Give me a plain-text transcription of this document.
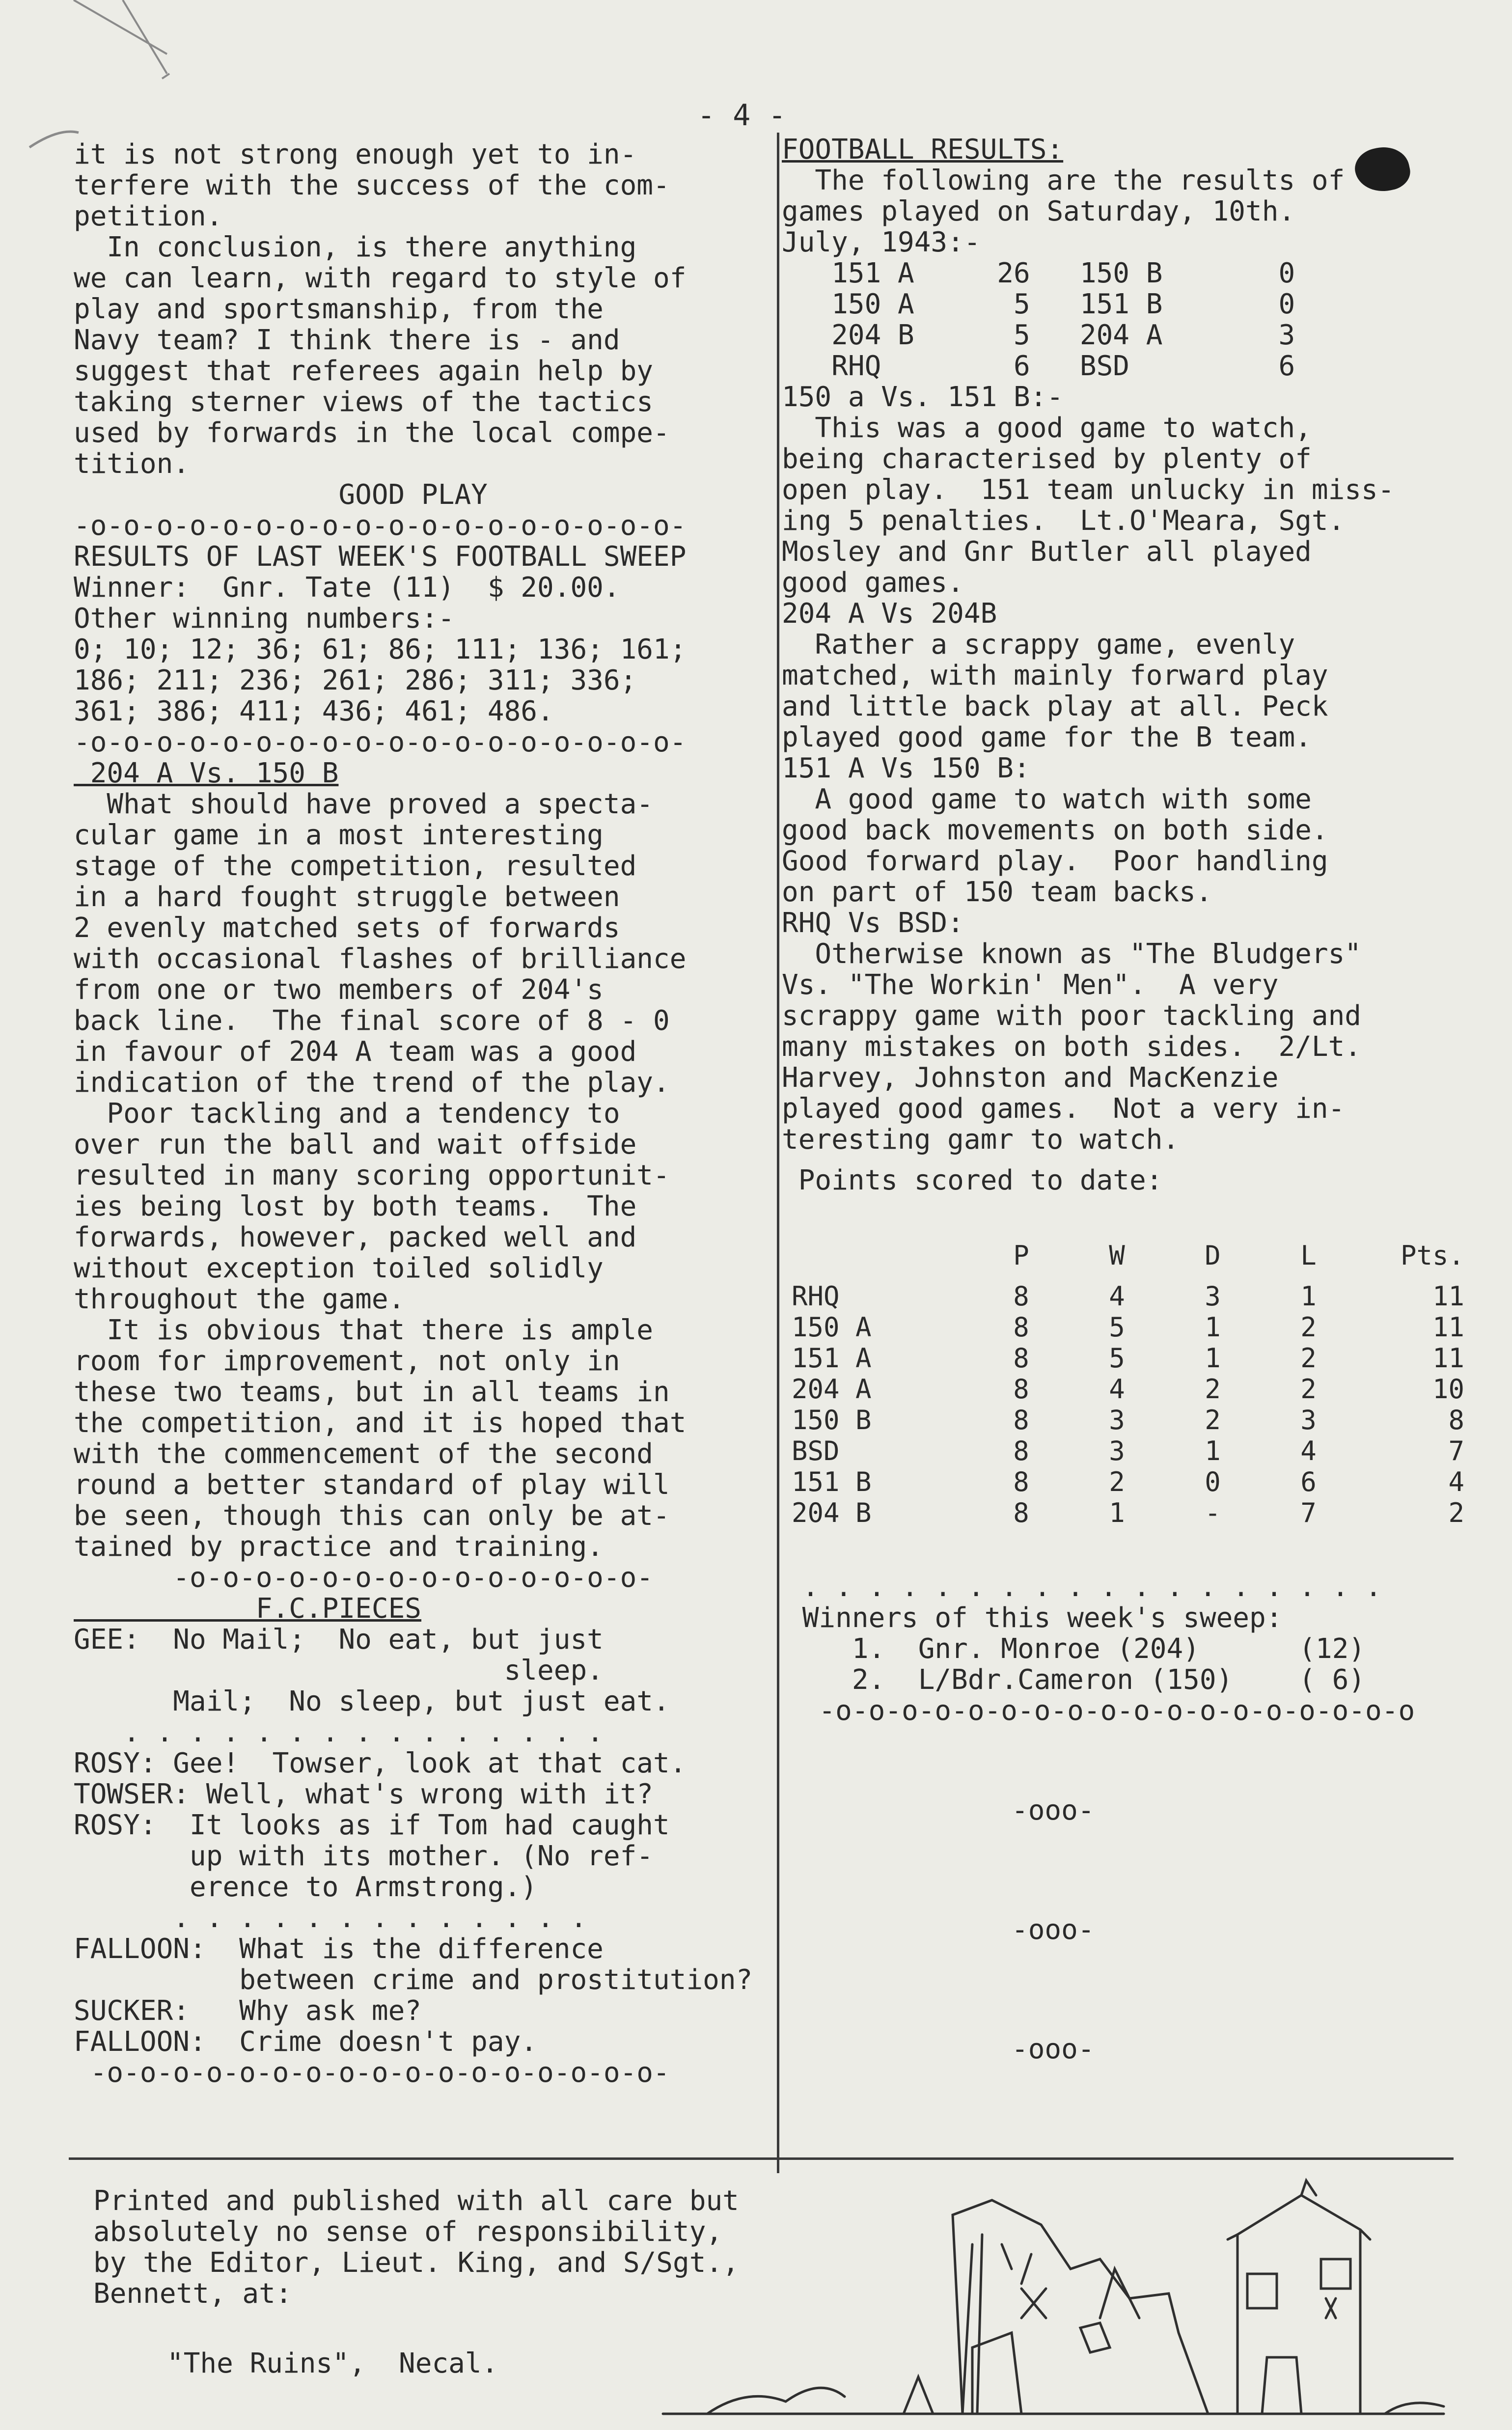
- 4 -
it is not strong enough yet to in-
terfere with the success of the com-
petition.
In conclusion, is there anything
we can learn, with regard to style of
play and sportsmanship, from the
Navy team? I think there is - and
suggest that referees again help by
taking sterner views of the tactics
used by forwards in the local compe-
tition.
GOOD PLAY
-o-o-o-o-o-o-o-o-o-o-o-o-o-o-o-o-o-o-
RESULTS OF LAST WEEK'S FOOTBALL SWEEP
Winner:  Gnr. Tate (11)  $ 20.00.
Other winning numbers:-
0; 10; 12; 36; 61; 86; 111; 136; 161;
186; 211; 236; 261; 286; 311; 336;
361; 386; 411; 436; 461; 486.
-o-o-o-o-o-o-o-o-o-o-o-o-o-o-o-o-o-o-
204 A Vs. 150 B
What should have proved a specta-
cular game in a most interesting
stage of the competition, resulted
in a hard fought struggle between
2 evenly matched sets of forwards
with occasional flashes of brilliance
from one or two members of 204's
back line.  The final score of 8 - 0
in favour of 204 A team was a good
indication of the trend of the play.
Poor tackling and a tendency to
over run the ball and wait offside
resulted in many scoring opportunit-
ies being lost by both teams.  The
forwards, however, packed well and
without exception toiled solidly
throughout the game.
It is obvious that there is ample
room for improvement, not only in
these two teams, but in all teams in
the competition, and it is hoped that
with the commencement of the second
round a better standard of play will
be seen, though this can only be at-
tained by practice and training.
-o-o-o-o-o-o-o-o-o-o-o-o-o-o-
F.C.PIECES
GEE:  No Mail;  No eat, but just
sleep.
Mail;  No sleep, but just eat.
. . . . . . . . . . . . . . .
ROSY: Gee!  Towser, look at that cat.
TOWSER: Well, what's wrong with it?
ROSY:  It looks as if Tom had caught
up with its mother. (No ref-
erence to Armstrong.)
. . . . . . . . . . . . .
FALLOON:  What is the difference
between crime and prostitution?
SUCKER:   Why ask me?
FALLOON:  Crime doesn't pay.
-o-o-o-o-o-o-o-o-o-o-o-o-o-o-o-o-o-
FOOTBALL RESULTS:
The following are the results of
games played on Saturday, 10th.
July, 1943:-
151 A     26   150 B       0
150 A      5   151 B       0
204 B      5   204 A       3
RHQ        6   BSD         6
150 a Vs. 151 B:-
This was a good game to watch,
being characterised by plenty of
open play.  151 team unlucky in miss-
ing 5 penalties.  Lt.O'Meara, Sgt.
Mosley and Gnr Butler all played
good games.
204 A Vs 204B
Rather a scrappy game, evenly
matched, with mainly forward play
and little back play at all. Peck
played good game for the B team.
151 A Vs 150 B:
A good game to watch with some
good back movements on both side.
Good forward play.  Poor handling
on part of 150 team backs.
RHQ Vs BSD:
Otherwise known as "The Bludgers"
Vs. "The Workin' Men".  A very
scrappy game with poor tackling and
many mistakes on both sides.  2/Lt.
Harvey, Johnston and MacKenzie
played good games.  Not a very in-
teresting gamr to watch.
Points scored to date:
	P	W	D	L	Pts.

RHQ	8	4	3	1	11
150 A	8	5	1	2	11
151 A	8	5	1	2	11
204 A	8	4	2	2	10
150 B	8	3	2	3	8
BSD	8	3	1	4	7
151 B	8	2	0	6	4
204 B	8	1	-	7	2
. . . . . . . . . . . . . . . . . .
Winners of this week's sweep:
1.  Gnr. Monroe (204)      (12)
2.  L/Bdr.Cameron (150)    ( 6)
-o-o-o-o-o-o-o-o-o-o-o-o-o-o-o-o-o-o
-ooo-
-ooo-
-ooo-
Printed and published with all care but
absolutely no sense of responsibility,
by the Editor, Lieut. King, and S/Sgt.,
Bennett, at:
"The Ruins",  Necal.
